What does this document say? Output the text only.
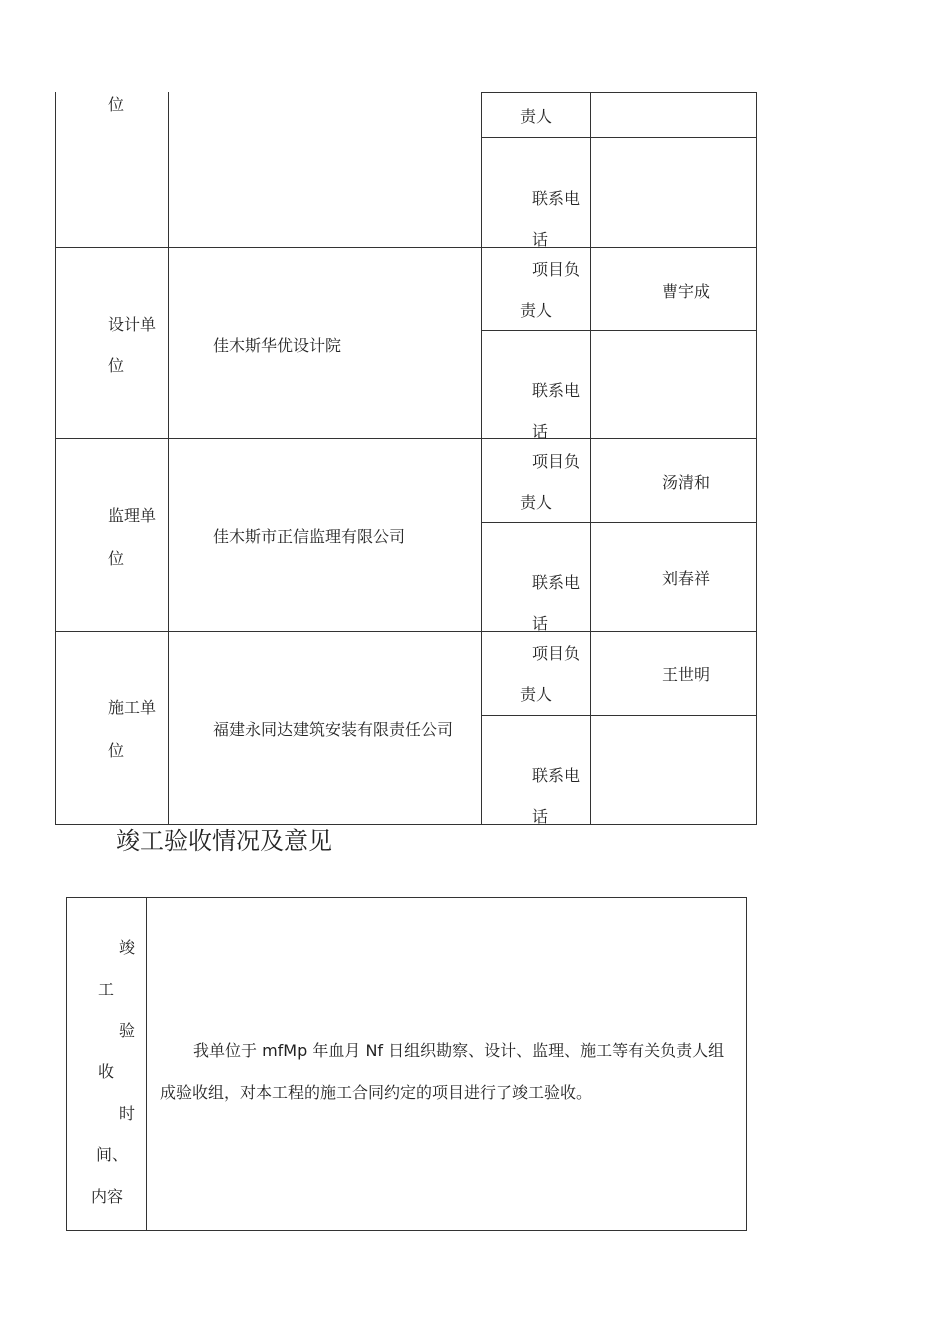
位
责人
联系电
话
设计单
位
佳木斯华优设计院
项目负
责人
曹宇成
联系电
话
监理单
位
佳木斯市正信监理有限公司
项目负
责人
汤清和
联系电
话
刘春祥
施工单
位
福建永同达建筑安装有限责任公司
项目负
责人
王世明
联系电
话
竣工验收情况及意见
竣
工
验
收
时
间、
内容
我单位于 mfMp 年血月 Nf 日组织勘察、设计、监理、施工等有关负责人组
成验收组，对本工程的施工合同约定的项目进行了竣工验收。
